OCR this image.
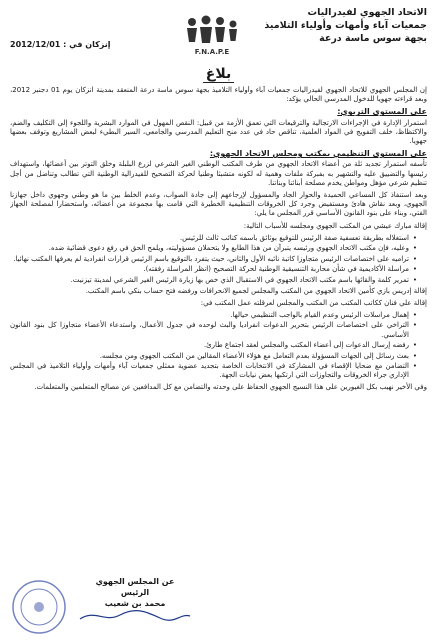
الاتحاد الجهوي لفيدراليات
جمعيات آباء وأمهات وأولياء التلاميذ
بجهة سوس ماسة درعة
F.N.A.P.E
إنزكان في : 2012/12/01
بلاغ

إن المجلس الجهوي للاتحاد الجهوي لفيدراليات جمعيات آباء وأولياء التلاميذ بجهة سوس ماسة درعة المنعقد بمدينة انزكان يوم 01 دجنبر 2012، وبعد قراءته جهويا للدخول المدرسي الحالي يؤكد:

على المستوى التربوي:

استمرار الإدارة في الإجراءات الارتجالية والترقيعات التي تعمق الأزمة من قبيل: النقص المهول في الموارد البشرية واللجوء إلى التكليف والضم، والاكتظاظ، خلف التفويج في المواد العلمية، تناقص حاد في عدد منح التعليم المدرسي والجامعي، السير البطيء لبعض المشاريع وتوقف بعضها جهويا.

على المستوى التنظيمي بمكتب ومجلس الاتحاد الجهوي:

تأسفه استمرار تجديد ثلة من أعضاء الاتحاد الجهوي من طرف المكتب الوطني الغير الشرعي لزرع البلبلة وخلق التوتر بين أعضائها، واستهداف رئيسها والتضييق عليه والتشهير به بفبركة ملفات وهمية له لكونه متشبثا وطنيا لحركة التصحيح للفيدرالية الوطنية التي تطالب وتناضل من أجل تنظيم شرعي مؤهل ومواطن يخدم مصلحة أبنائنا وبناتنا.

وبعد استنفاذ كل المساعي الحميدة والحوار الجاد والمسؤول لإرجاعهم إلى جادة الصواب، وعدم الخلط بين ما هو وطني وجهوي داخل جهازنا الجهوي، وبعد نقاش هادئ ومستفيض وجرد كل الخروقات التنظيمية الخطيرة التي قامت بها مجموعة من أعضائه، واستحضارا لمصلحة الجهاز الفتي، وبناء على بنود القانون الأساسي قرر المجلس ما يلي:

إقالة مبارك عيشي من المكتب الجهوي ومجلسه للأسباب التالية:

• استغلاله بطريقة تعسفية صفة الرئيس للتوقيع بوثائق باسمه كنائب ثالث للرئيس.
• وعليه، فإن مكتب الاتحاد الجهوي ورئيسه يتبرآن من هذا الطابع ولا يتحملان مسؤوليته، ويلمح الحق في رفع دعوى قضائية ضده.
• تراميه على اختصاصات الرئيس متجاوزا كاتبة نائبه الأول والثاني، حيث يتفرد بالتوقيع باسم الرئيس قرارات انفرادية لم يعرفها المكتب نهائيا.
• مراسلة الأكاديمية في شأن محاربة التنسيقية الوطنية لحركة التصحيح (انظر المراسلة رفقته).
• تمرير كلمة والقائها باسم مكتب الاتحاد الجهوي في الاستقبال الذي خص بها زيارة الرئيس الغير الشرعي لمدينة تيزنيت.

إقالة إدريس بازي كأمين الاتحاد الجهوي من المكتب والمجلس لجميع الانحرافات ورفضه فتح حساب بنكي باسم المكتب.

إقالة علي فنان ككاتب المكتب من المكتب والمجلس لعرقلته عمل المكتب في:

• إهمال مراسلات الرئيس وعدم القيام بالواجب التنظيمي حيالها.
• التراخي على اختصاصات الرئيس بتحرير الدعوات انفراديا والبث لوحده في جدول الأعمال، واستدعاء الأعضاء متجاوزا كل بنود القانون الأساسي.
• رفضه إرسال الدعوات إلى أعضاء المكتب والمجلس لعقد اجتماع طارئ.
• بعث رسائل إلى الجهات المسؤولة بعدم التعامل مع هؤلاء الأعضاء المقالين من المكتب الجهوي ومن مجلسه.
• التضامن مع ضحايا الإقصاء في المشاركة في الانتخابات الخاصة بتجديد عضوية ممثلي جمعيات آباء وأمهات وأولياء التلاميذ في المجلس الإداري جراء الخروقات والتجاوزات التي ارتكبها بعض نيابات الجهة.

وفي الأخير نهيب بكل الغيورين على هذا النسيج الجهوي الحفاظ على وحدته والتضامن مع كل المدافعين عن مصالح المتعلمين والمتعلمات.

عن المجلس الجهوي
الرئيس
محمد بن شعيب
